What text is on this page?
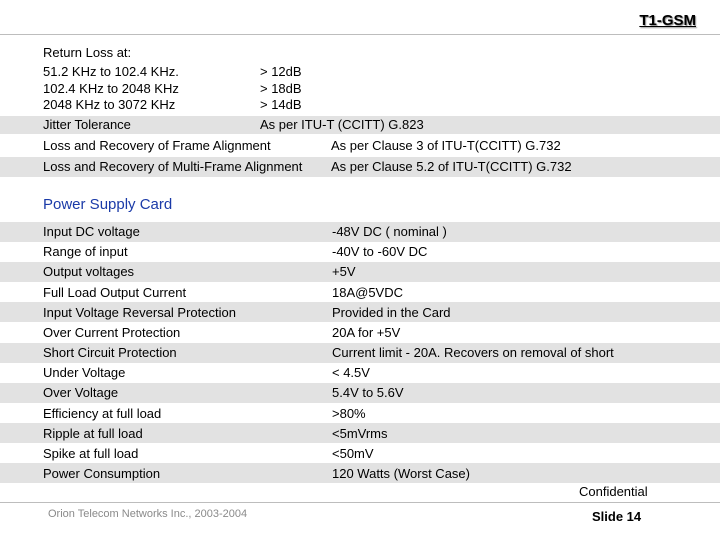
T1-GSM
Return Loss at:
51.2 KHz to 102.4 KHz.	> 12dB
102.4 KHz to 2048 KHz	> 18dB
2048 KHz to 3072 KHz	> 14dB
Jitter Tolerance	As per ITU-T (CCITT) G.823
Loss and Recovery of Frame Alignment	As per Clause 3 of ITU-T(CCITT) G.732
Loss and Recovery of Multi-Frame Alignment As per Clause 5.2 of ITU-T(CCITT) G.732
Power Supply Card
Input DC voltage	-48V DC ( nominal )
Range of input	-40V to -60V DC
Output voltages	+5V
Full Load Output Current	18A@5VDC
Input Voltage Reversal Protection	Provided in the Card
Over Current Protection	20A for +5V
Short Circuit Protection	Current limit - 20A. Recovers on removal of short
Under Voltage	< 4.5V
Over Voltage	5.4V to 5.6V
Efficiency at full load	>80%
Ripple at full load	<5mVrms
Spike at full load	<50mV
Power Consumption	120 Watts (Worst Case)
Confidential
Orion Telecom Networks Inc., 2003-2004	Slide 14
